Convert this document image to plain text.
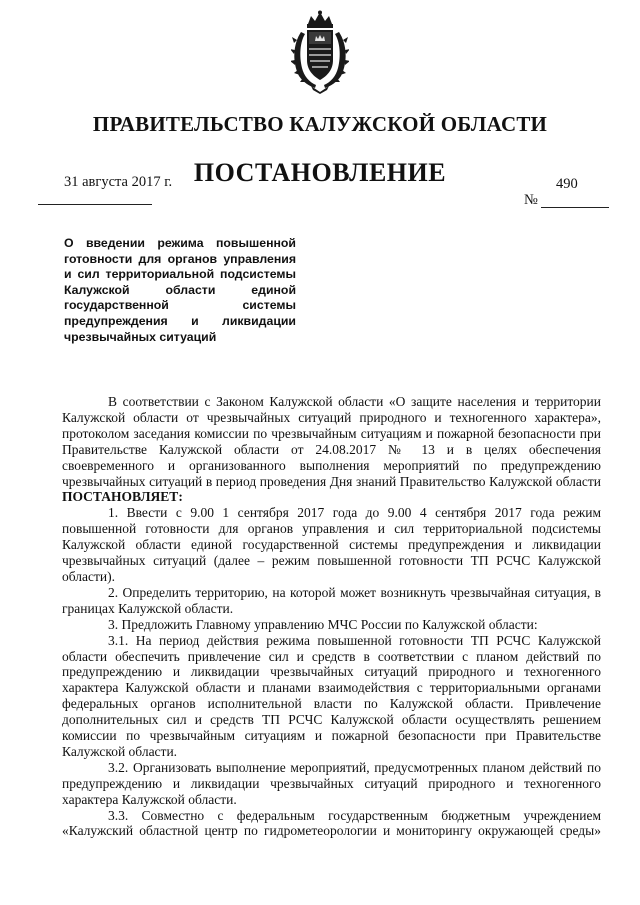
ПРАВИТЕЛЬСТВО КАЛУЖСКОЙ ОБЛАСТИ
ПОСТАНОВЛЕНИЕ
31 августа 2017 г.	490
№
О введении режима повышенной готовности для органов управления и сил территориальной подсистемы Калужской области единой государственной системы предупреждения и ликвидации чрезвычайных ситуаций

В соответствии с Законом Калужской области «О защите населения и территории Калужской области от чрезвычайных ситуаций природного и техногенного характера», протоколом заседания комиссии по чрезвычайным ситуациям и пожарной безопасности при Правительстве Калужской области от 24.08.2017 № 13 и в целях обеспечения своевременного и организованного выполнения мероприятий по предупреждению чрезвычайных ситуаций в период проведения Дня знаний Правительство Калужской области ПОСТАНОВЛЯЕТ:

1. Ввести с 9.00 1 сентября 2017 года до 9.00 4 сентября 2017 года режим повышенной готовности для органов управления и сил территориальной подсистемы Калужской области единой государственной системы предупреждения и ликвидации чрезвычайных ситуаций (далее – режим повышенной готовности ТП РСЧС Калужской области).

2. Определить территорию, на которой может возникнуть чрезвычайная ситуация, в границах Калужской области.

3. Предложить Главному управлению МЧС России по Калужской области:

3.1. На период действия режима повышенной готовности ТП РСЧС Калужской области обеспечить привлечение сил и средств в соответствии с планом действий по предупреждению и ликвидации чрезвычайных ситуаций природного и техногенного характера Калужской области и планами взаимодействия с территориальными органами федеральных органов исполнительной власти по Калужской области. Привлечение дополнительных сил и средств ТП РСЧС Калужской области осуществлять решением комиссии по чрезвычайным ситуациям и пожарной безопасности при Правительстве Калужской области.

3.2. Организовать выполнение мероприятий, предусмотренных планом действий по предупреждению и ликвидации чрезвычайных ситуаций природного и техногенного характера Калужской области.

3.3. Совместно с федеральным государственным бюджетным учреждением «Калужский областной центр по гидрометеорологии и мониторингу окружающей среды»
